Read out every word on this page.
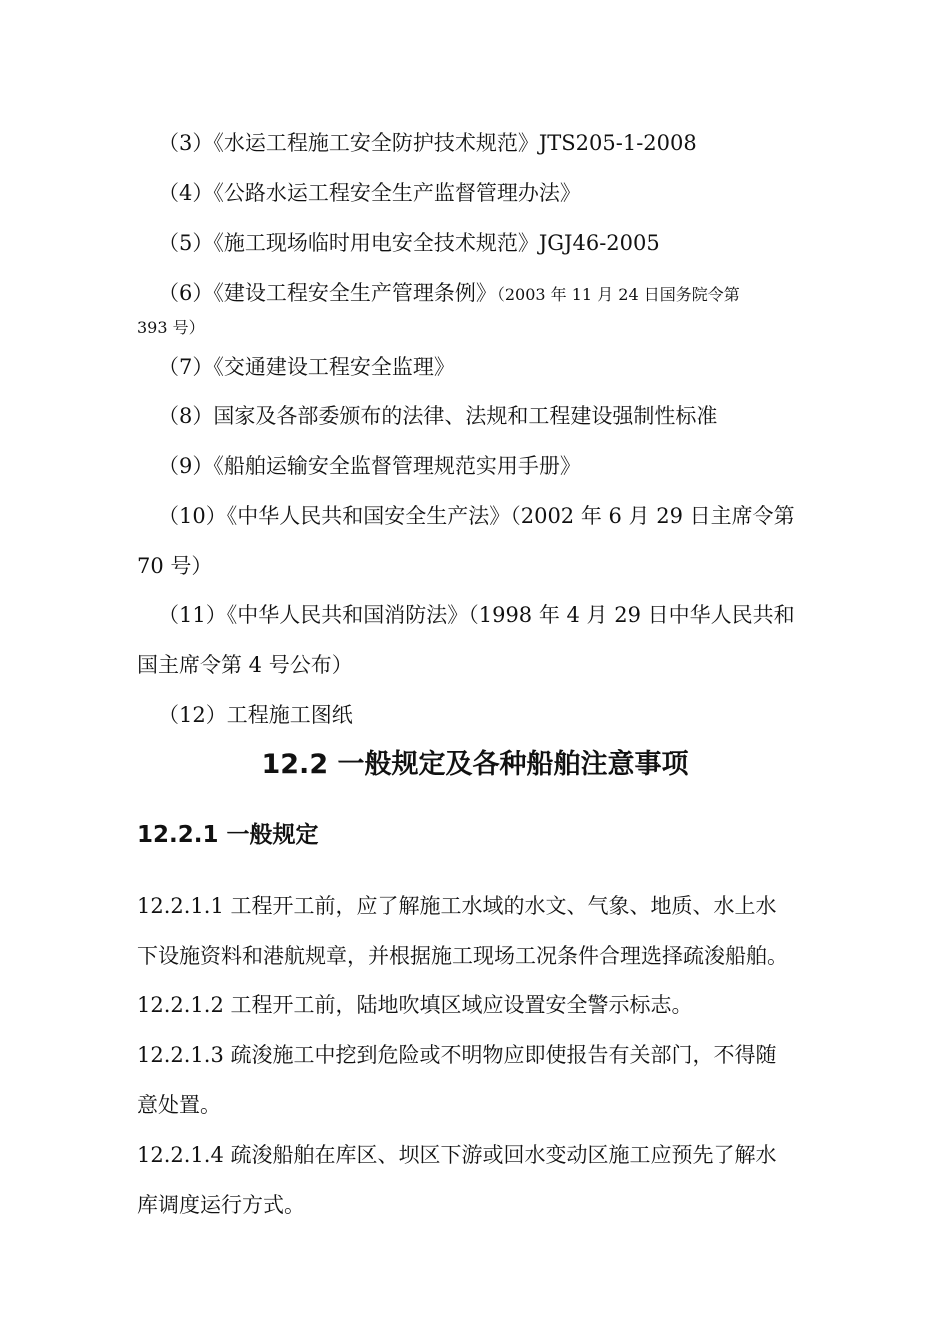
（3）《水运工程施工安全防护技术规范》JTS205-1-2008
（4）《公路水运工程安全生产监督管理办法》
（5）《施工现场临时用电安全技术规范》JGJ46-2005
（6）《建设工程安全生产管理条例》（2003 年 11 月 24 日国务院令第
393 号）
（7）《交通建设工程安全监理》
（8）国家及各部委颁布的法律、法规和工程建设强制性标准
（9）《船舶运输安全监督管理规范实用手册》
（10）《中华人民共和国安全生产法》（2002 年 6 月 29 日主席令第
70 号）
（11）《中华人民共和国消防法》（1998 年 4 月 29 日中华人民共和
国主席令第 4 号公布）
（12）工程施工图纸
12.2 一般规定及各种船舶注意事项
12.2.1 一般规定
12.2.1.1 工程开工前，应了解施工水域的水文、气象、地质、水上水
下设施资料和港航规章，并根据施工现场工况条件合理选择疏浚船舶。
12.2.1.2 工程开工前，陆地吹填区域应设置安全警示标志。
12.2.1.3 疏浚施工中挖到危险或不明物应即使报告有关部门，不得随
意处置。
12.2.1.4 疏浚船舶在库区、坝区下游或回水变动区施工应预先了解水
库调度运行方式。
